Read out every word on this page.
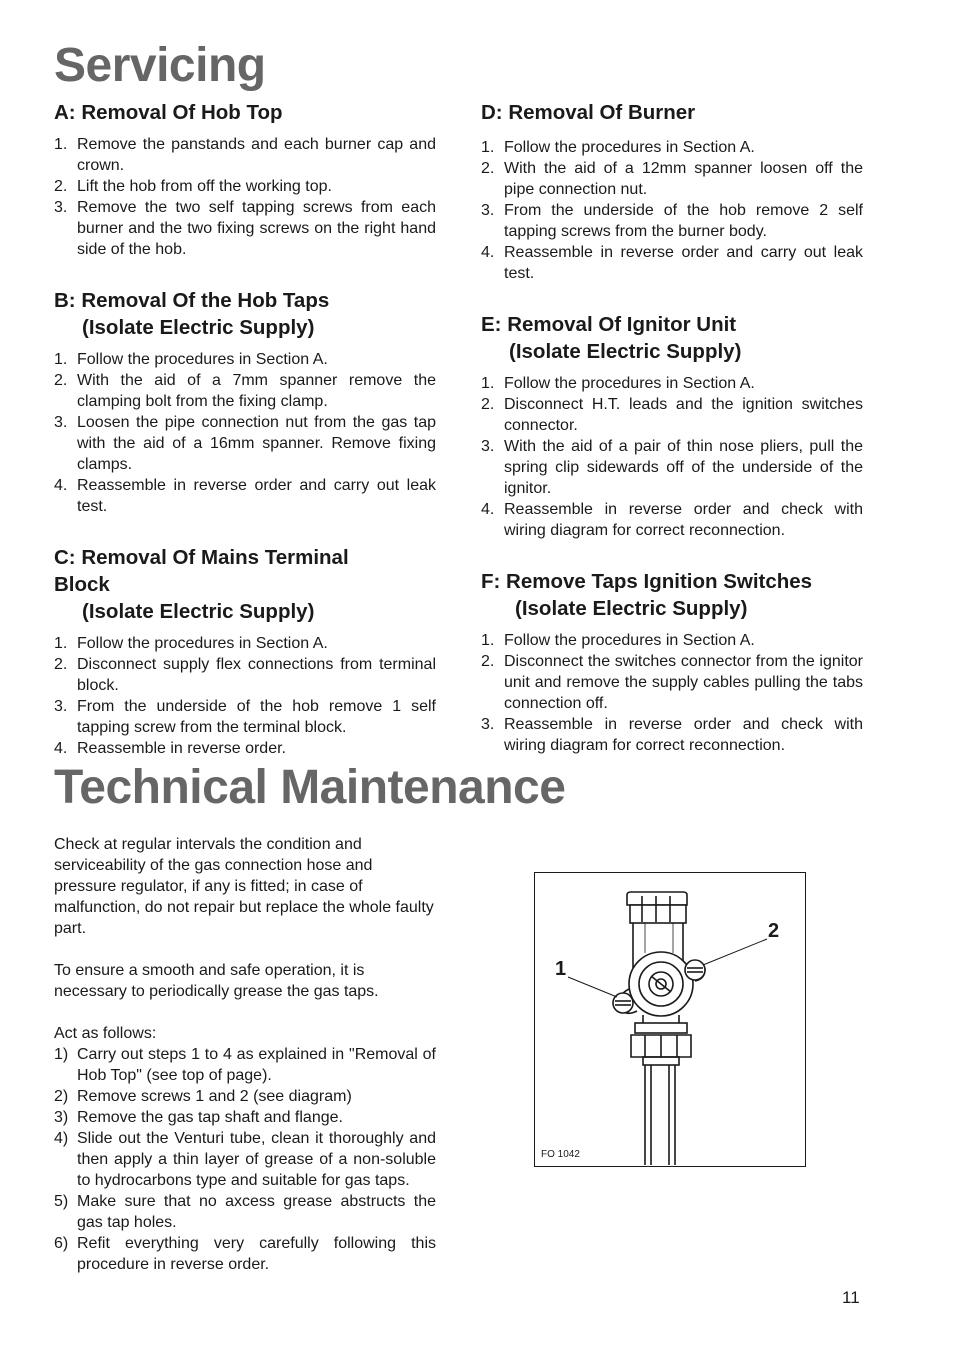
Servicing
A: Removal Of Hob Top
1. Remove the panstands and each burner cap and crown.
2. Lift the hob from off the working top.
3. Remove the two self tapping screws from each burner and the two fixing screws on the right hand side of the hob.
B: Removal Of the Hob Taps
(Isolate Electric Supply)
1. Follow the procedures in Section A.
2. With the aid of a 7mm spanner remove the clamping bolt from the fixing clamp.
3. Loosen the pipe connection nut from the gas tap with the aid of a 16mm spanner. Remove fixing clamps.
4. Reassemble in reverse order and carry out leak test.
C: Removal Of Mains Terminal Block
(Isolate Electric Supply)
1. Follow the procedures in Section A.
2. Disconnect supply flex connections from terminal block.
3. From the underside of the hob remove 1 self tapping screw from the terminal block.
4. Reassemble in reverse order.
D: Removal Of Burner
1. Follow the procedures in Section A.
2. With the aid of a 12mm spanner loosen off the pipe connection nut.
3. From the underside of the hob remove 2 self tapping screws from the burner body.
4. Reassemble in reverse order and carry out leak test.
E: Removal Of Ignitor Unit
(Isolate Electric Supply)
1. Follow the procedures in Section A.
2. Disconnect H.T. leads and the ignition switches connector.
3. With the aid of a pair of thin nose pliers, pull the spring clip sidewards off of the underside of the ignitor.
4. Reassemble in reverse order and check with wiring diagram for correct reconnection.
F: Remove Taps Ignition Switches
(Isolate Electric Supply)
1. Follow the procedures in Section A.
2. Disconnect the switches connector from the ignitor unit and remove the supply cables pulling the tabs connection off.
3. Reassemble in reverse order and check with wiring diagram for correct reconnection.
Technical Maintenance

Check at regular intervals the condition and serviceability of the gas connection hose and pressure regulator, if any is fitted; in case of malfunction, do not repair but replace the whole faulty part.

To ensure a smooth and safe operation, it is necessary to periodically grease the gas taps.

Act as follows:

1) Carry out steps 1 to 4 as explained in "Removal of Hob Top" (see top of page).
2) Remove screws 1 and 2 (see diagram)
3) Remove the gas tap shaft and flange.
4) Slide out the Venturi tube, clean it thoroughly and then apply a thin layer of grease of a non-soluble to hydrocarbons type and suitable for gas taps.
5) Make sure that no axcess grease abstructs the gas tap holes.
6) Refit everything very carefully following this procedure in reverse order.
1
2
FO 1042
11
